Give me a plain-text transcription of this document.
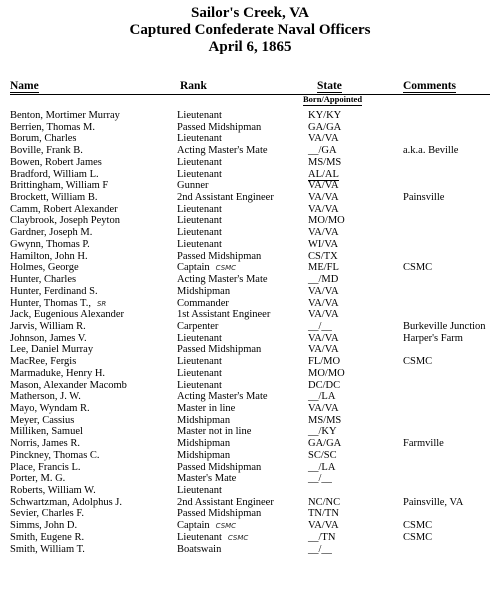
Sailor's Creek, VA
Captured Confederate Naval Officers
April 6, 1865
Name	Rank	State	Comments
Born/Appointed
Benton, Mortimer Murray	Lieutenant	KY/KY
Berrien, Thomas M.	Passed Midshipman	GA/GA
Borum, Charles	Lieutenant	VA/VA
Boville, Frank B.	Acting Master's Mate	__/GA	a.k.a. Beville
Bowen, Robert James	Lieutenant	MS/MS
Bradford, William L.	Lieutenant	AL/AL
Brittingham, William F	Gunner	VA/VA
Brockett, William B.	2nd Assistant Engineer	VA/VA	Painsville
Camm, Robert Alexander	Lieutenant	VA/VA
Claybrook, Joseph Peyton	Lieutenant	MO/MO
Gardner, Joseph M.	Lieutenant	VA/VA
Gwynn, Thomas P.	Lieutenant	WI/VA
Hamilton, John H.	Passed Midshipman	CS/TX
Holmes, George	Captain CSMC	ME/FL	CSMC
Hunter, Charles	Acting Master's Mate	__/MD
Hunter, Ferdinand S.	Midshipman	VA/VA
Hunter, Thomas T., SR	Commander	VA/VA
Jack, Eugenious Alexander	1st Assistant Engineer	VA/VA
Jarvis, William R.	Carpenter	__/__	Burkeville Junction
Johnson, James V.	Lieutenant	VA/VA	Harper's Farm
Lee, Daniel Murray	Passed Midshipman	VA/VA
MacRee, Fergis	Lieutenant	FL/MO	CSMC
Marmaduke, Henry H.	Lieutenant	MO/MO
Mason, Alexander Macomb	Lieutenant	DC/DC
Matherson, J. W.	Acting Master's Mate	__/LA
Mayo, Wyndam R.	Master in line	VA/VA
Meyer, Cassius	Midshipman	MS/MS
Milliken, Samuel	Master not in line	__/KY
Norris, James R.	Midshipman	GA/GA	Farmville
Pinckney, Thomas C.	Midshipman	SC/SC
Place, Francis L.	Passed Midshipman	__/LA
Porter, M. G.	Master's Mate	__/__
Roberts, William W.	Lieutenant
Schwartzman, Adolphus J.	2nd Assistant Engineer	NC/NC	Painsville, VA
Sevier, Charles F.	Passed Midshipman	TN/TN
Simms, John D.	Captain CSMC	VA/VA	CSMC
Smith, Eugene R.	Lieutenant CSMC	__/TN	CSMC
Smith, William T.	Boatswain	__/__
